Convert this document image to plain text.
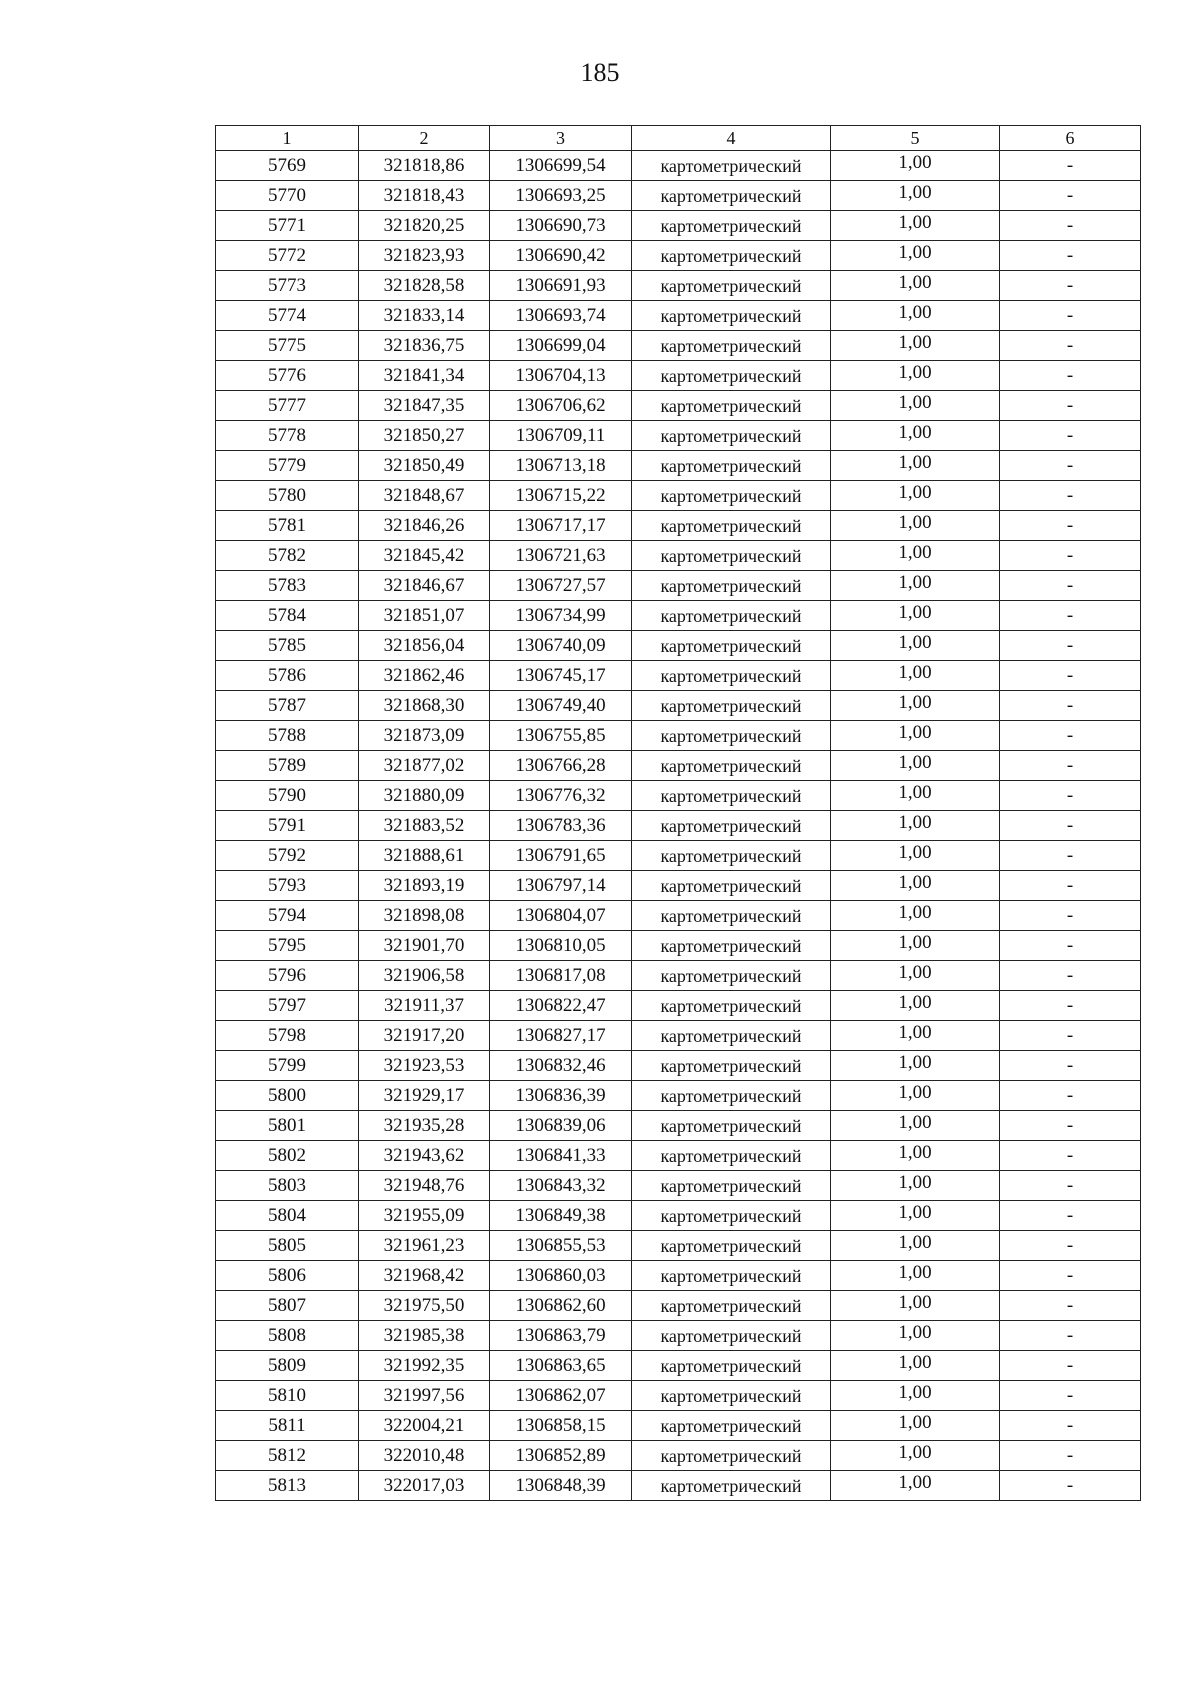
185
1	2	3	4	5	6
5769	321818,86	1306699,54	картометрический	1,00	-
5770	321818,43	1306693,25	картометрический	1,00	-
5771	321820,25	1306690,73	картометрический	1,00	-
5772	321823,93	1306690,42	картометрический	1,00	-
5773	321828,58	1306691,93	картометрический	1,00	-
5774	321833,14	1306693,74	картометрический	1,00	-
5775	321836,75	1306699,04	картометрический	1,00	-
5776	321841,34	1306704,13	картометрический	1,00	-
5777	321847,35	1306706,62	картометрический	1,00	-
5778	321850,27	1306709,11	картометрический	1,00	-
5779	321850,49	1306713,18	картометрический	1,00	-
5780	321848,67	1306715,22	картометрический	1,00	-
5781	321846,26	1306717,17	картометрический	1,00	-
5782	321845,42	1306721,63	картометрический	1,00	-
5783	321846,67	1306727,57	картометрический	1,00	-
5784	321851,07	1306734,99	картометрический	1,00	-
5785	321856,04	1306740,09	картометрический	1,00	-
5786	321862,46	1306745,17	картометрический	1,00	-
5787	321868,30	1306749,40	картометрический	1,00	-
5788	321873,09	1306755,85	картометрический	1,00	-
5789	321877,02	1306766,28	картометрический	1,00	-
5790	321880,09	1306776,32	картометрический	1,00	-
5791	321883,52	1306783,36	картометрический	1,00	-
5792	321888,61	1306791,65	картометрический	1,00	-
5793	321893,19	1306797,14	картометрический	1,00	-
5794	321898,08	1306804,07	картометрический	1,00	-
5795	321901,70	1306810,05	картометрический	1,00	-
5796	321906,58	1306817,08	картометрический	1,00	-
5797	321911,37	1306822,47	картометрический	1,00	-
5798	321917,20	1306827,17	картометрический	1,00	-
5799	321923,53	1306832,46	картометрический	1,00	-
5800	321929,17	1306836,39	картометрический	1,00	-
5801	321935,28	1306839,06	картометрический	1,00	-
5802	321943,62	1306841,33	картометрический	1,00	-
5803	321948,76	1306843,32	картометрический	1,00	-
5804	321955,09	1306849,38	картометрический	1,00	-
5805	321961,23	1306855,53	картометрический	1,00	-
5806	321968,42	1306860,03	картометрический	1,00	-
5807	321975,50	1306862,60	картометрический	1,00	-
5808	321985,38	1306863,79	картометрический	1,00	-
5809	321992,35	1306863,65	картометрический	1,00	-
5810	321997,56	1306862,07	картометрический	1,00	-
5811	322004,21	1306858,15	картометрический	1,00	-
5812	322010,48	1306852,89	картометрический	1,00	-
5813	322017,03	1306848,39	картометрический	1,00	-
